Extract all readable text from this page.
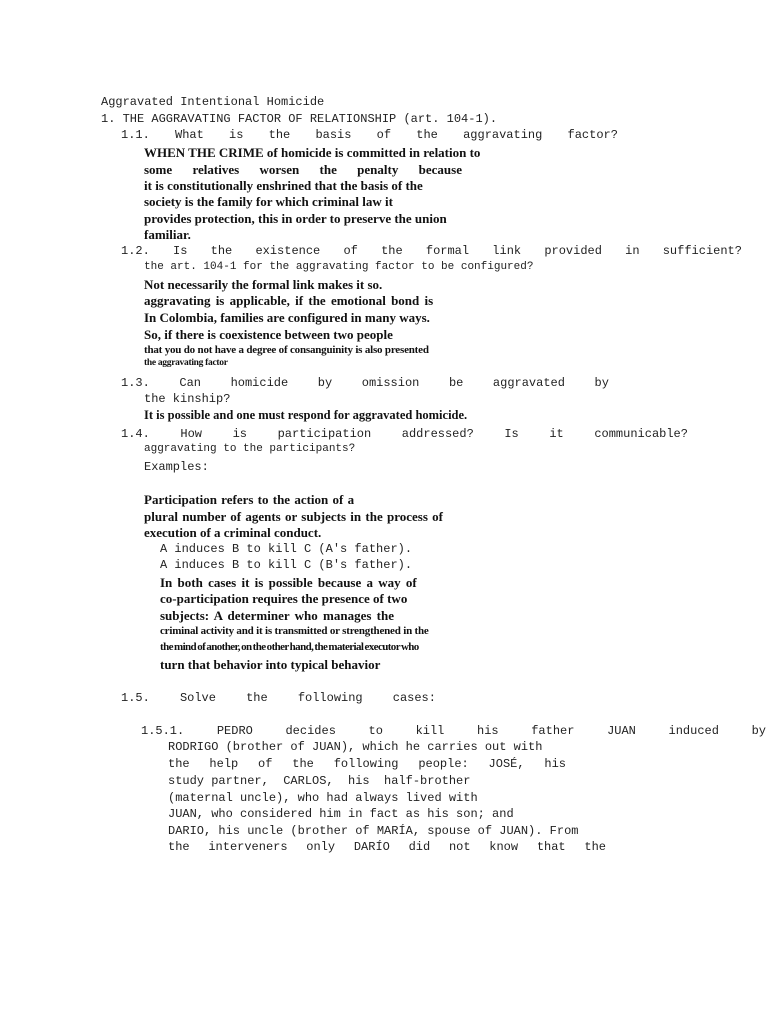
Aggravated Intentional Homicide
1. THE AGGRAVATING FACTOR OF RELATIONSHIP (art. 104-1).
1.1. What is the basis of the aggravating factor?
WHEN THE CRIME of homicide is committed in relation to
some relatives worsen the penalty because
it is constitutionally enshrined that the basis of the
society is the family for which criminal law it
provides protection, this in order to preserve the union
familiar.
1.2. Is the existence of the formal link provided in sufficient?
the art. 104-1 for the aggravating factor to be configured?
Not necessarily the formal link makes it so.
aggravating is applicable, if the emotional bond is
In Colombia, families are configured in many ways.
So, if there is coexistence between two people
that you do not have a degree of consanguinity is also presented
the aggravating factor
1.3. Can homicide by omission be aggravated by
the kinship?
It is possible and one must respond for aggravated homicide.
1.4.	How	is	participation	addressed?	Is	it	communicable?
aggravating to the participants?
Examples:
Participation refers to the action of a
plural number of agents or subjects in the process of
execution of a criminal conduct.
A induces B to kill C (A's father).
A induces B to kill C (B's father).
In both cases it is possible because a way of
co-participation requires the presence of two
subjects: A determiner who manages the
criminal activity and it is transmitted or strengthened in the
the mind of another, on the other hand, the material executor who
turn that behavior into typical behavior
1.5.	Solve	the	following	cases:
1.5.1.	PEDRO	decides	to	kill	his	father	JUAN	induced	by
RODRIGO (brother of JUAN), which he carries out with
the help of the following people: JOSÉ, his
study partner,  CARLOS,  his  half-brother
(maternal uncle), who had always lived with
JUAN, who considered him in fact as his son; and
DARIO, his uncle (brother of MARÍA, spouse of JUAN). From
the interveners only DARÍO did not know that the
